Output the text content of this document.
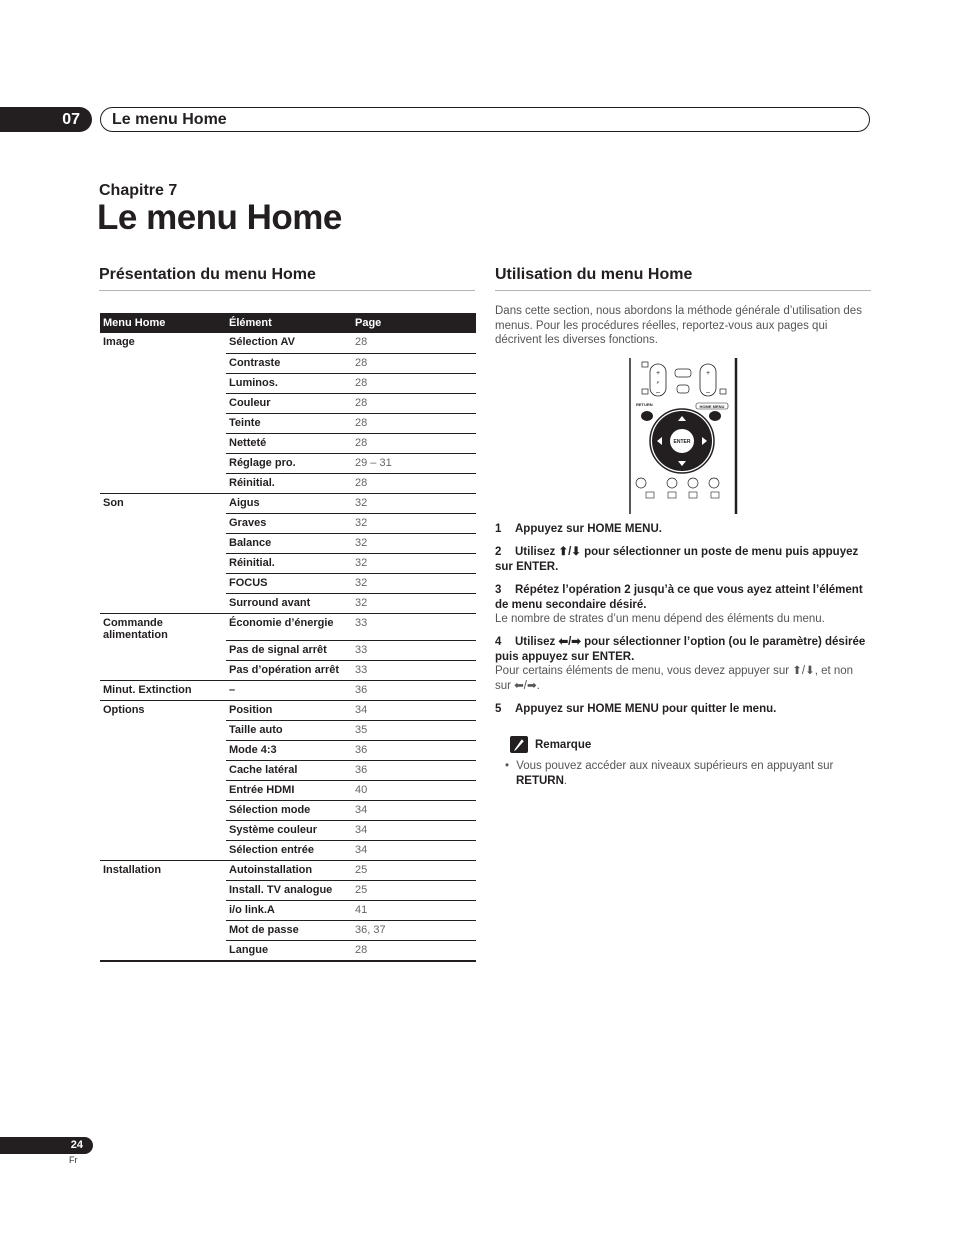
07	Le menu Home
Chapitre 7
Le menu Home
Présentation du menu Home
Menu Home	Élément	Page
Image	Sélection AV	28
	Contraste	28
	Luminos.	28
	Couleur	28
	Teinte	28
	Netteté	28
	Réglage pro.	29 – 31
	Réinitial.	28
Son	Aigus	32
	Graves	32
	Balance	32
	Réinitial.	32
	FOCUS	32
	Surround avant	32
Commande alimentation	Économie d’énergie	33
	Pas de signal arrêt	33
	Pas d’opération arrêt	33
Minut. Extinction	–	36
Options	Position	34
	Taille auto	35
	Mode 4:3	36
	Cache latéral	36
	Entrée HDMI	40
	Sélection mode	34
	Système couleur	34
	Sélection entrée	34
Installation	Autoinstallation	25
	Install. TV analogue	25
	i/o link.A	41
	Mot de passe	36, 37
	Langue	28
Utilisation du menu Home
Dans cette section, nous abordons la méthode générale d’utilisation des menus. Pour les procédures réelles, reportez-vous aux pages qui décrivent les diverses fonctions.
+
–
P
+
–
RETURN	HOME MENU
ENTER
1 Appuyez sur HOME MENU.
2 Utilisez ⬆/⬇ pour sélectionner un poste de menu puis appuyez sur ENTER.
3 Répétez l’opération 2 jusqu’à ce que vous ayez atteint l’élément de menu secondaire désiré.
Le nombre de strates d’un menu dépend des éléments du menu.
4 Utilisez ⬅/➡ pour sélectionner l’option (ou le paramètre) désirée puis appuyez sur ENTER.
Pour certains éléments de menu, vous devez appuyer sur ⬆/⬇, et non sur ⬅/➡.
5 Appuyez sur HOME MENU pour quitter le menu.
Remarque
• Vous pouvez accéder aux niveaux supérieurs en appuyant sur
RETURN.
24
Fr
